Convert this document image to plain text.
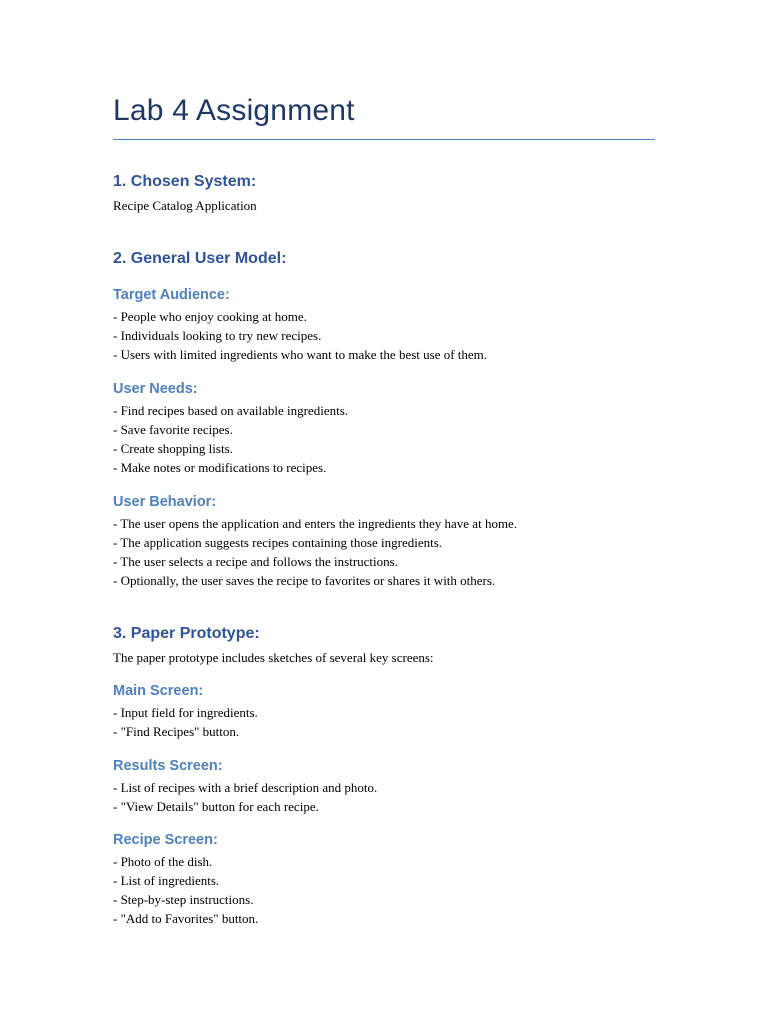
Lab 4 Assignment
1. Chosen System:

Recipe Catalog Application

2. General User Model:
Target Audience:
- People who enjoy cooking at home.
- Individuals looking to try new recipes.
- Users with limited ingredients who want to make the best use of them.
User Needs:
- Find recipes based on available ingredients.
- Save favorite recipes.
- Create shopping lists.
- Make notes or modifications to recipes.
User Behavior:
- The user opens the application and enters the ingredients they have at home.
- The application suggests recipes containing those ingredients.
- The user selects a recipe and follows the instructions.
- Optionally, the user saves the recipe to favorites or shares it with others.
3. Paper Prototype:

The paper prototype includes sketches of several key screens:

Main Screen:
- Input field for ingredients.
- "Find Recipes" button.
Results Screen:
- List of recipes with a brief description and photo.
- "View Details" button for each recipe.
Recipe Screen:
- Photo of the dish.
- List of ingredients.
- Step-by-step instructions.
- "Add to Favorites" button.
